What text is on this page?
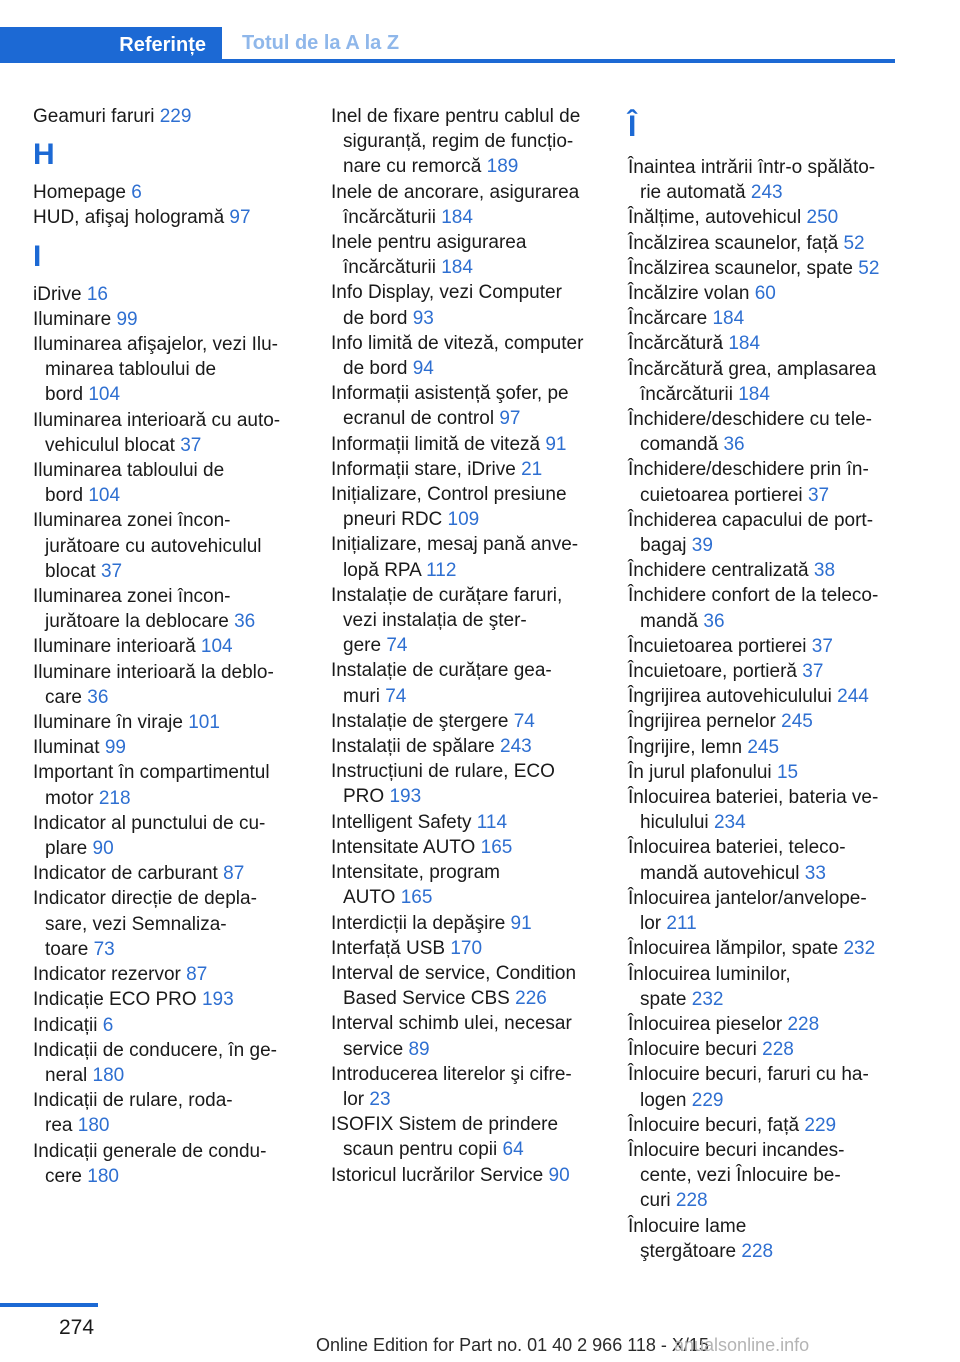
Referințe	Totul de la A la Z
Geamuri faruri 229
H
Homepage 6
HUD, afişaj hologramă 97
I
iDrive 16
Iluminare 99
Iluminarea afişajelor, vezi Ilu‐
minarea tabloului de
bord 104
Iluminarea interioară cu auto‐
vehiculul blocat 37
Iluminarea tabloului de
bord 104
Iluminarea zonei încon‐
jurătoare cu autovehiculul
blocat 37
Iluminarea zonei încon‐
jurătoare la deblocare 36
Iluminare interioară 104
Iluminare interioară la deblo‐
care 36
Iluminare în viraje 101
Iluminat 99
Important în compartimentul
motor 218
Indicator al punctului de cu‐
plare 90
Indicator de carburant 87
Indicator direcție de depla‐
sare, vezi Semnaliza‐
toare 73
Indicator rezervor 87
Indicație ECO PRO 193
Indicații 6
Indicații de conducere, în ge‐
neral 180
Indicații de rulare, roda‐
rea 180
Indicații generale de condu‐
cere 180
Inel de fixare pentru cablul de
siguranță, regim de funcțio‐
nare cu remorcă 189
Inele de ancorare, asigurarea
încărcăturii 184
Inele pentru asigurarea
încărcăturii 184
Info Display, vezi Computer
de bord 93
Info limită de viteză, computer
de bord 94
Informații asistență şofer, pe
ecranul de control 97
Informații limită de viteză 91
Informații stare, iDrive 21
Inițializare, Control presiune
pneuri RDC 109
Inițializare, mesaj pană anve‐
lopă RPA 112
Instalație de curățare faruri,
vezi instalația de şter‐
gere 74
Instalație de curățare gea‐
muri 74
Instalație de ştergere 74
Instalații de spălare 243
Instrucțiuni de rulare, ECO
PRO 193
Intelligent Safety 114
Intensitate AUTO 165
Intensitate, program
AUTO 165
Interdicții la depăşire 91
Interfață USB 170
Interval de service, Condition
Based Service CBS 226
Interval schimb ulei, necesar
service 89
Introducerea literelor şi cifre‐
lor 23
ISOFIX Sistem de prindere
scaun pentru copii 64
Istoricul lucrărilor Service 90
Î
Înaintea intrării într-o spălăto‐
rie automată 243
Înălțime, autovehicul 250
Încălzirea scaunelor, față 52
Încălzirea scaunelor, spate 52
Încălzire volan 60
Încărcare 184
Încărcătură 184
Încărcătură grea, amplasarea
încărcăturii 184
Închidere/deschidere cu tele‐
comandă 36
Închidere/deschidere prin în‐
cuietoarea portierei 37
Închiderea capacului de port‐
bagaj 39
Închidere centralizată 38
Închidere confort de la teleco‐
mandă 36
Încuietoarea portierei 37
Încuietoare, portieră 37
Îngrijirea autovehiculului 244
Îngrijirea pernelor 245
Îngrijire, lemn 245
În jurul plafonului 15
Înlocuirea bateriei, bateria ve‐
hiculului 234
Înlocuirea bateriei, teleco‐
mandă autovehicul 33
Înlocuirea jantelor/anvelope‐
lor 211
Înlocuirea lămpilor, spate 232
Înlocuirea luminilor,
spate 232
Înlocuirea pieselor 228
Înlocuire becuri 228
Înlocuire becuri, faruri cu ha‐
logen 229
Înlocuire becuri, față 229
Înlocuire becuri incandes‐
cente, vezi Înlocuire be‐
curi 228
Înlocuire lame
ştergătoare 228
274
Online Edition for Part no. 01 40 2 966 118 - X/15
anualsonline.info
